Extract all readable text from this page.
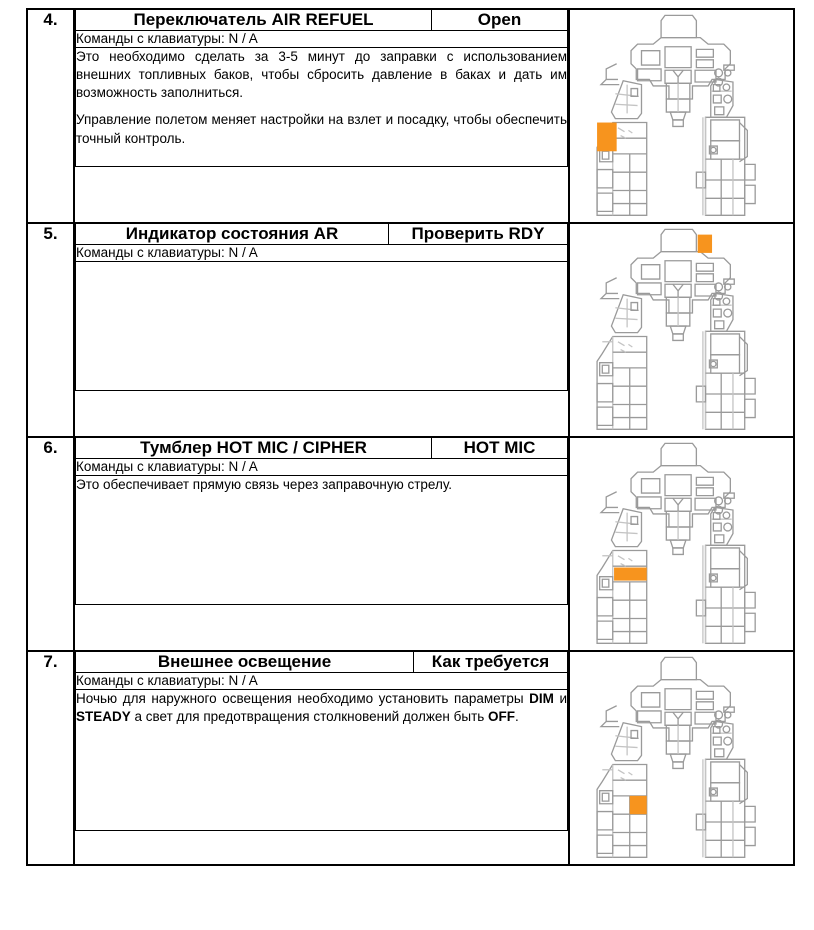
4.		Переключатель AIR REFUEL	Open
Команды с клавиатуры: N / A

Это необходимо сделать за 3-5 минут до заправки с использованием внешних топливных баков, чтобы сбросить давление в баках и дать им возможность заполниться.

Управление полетом меняет настройки на взлет и посадку, чтобы обеспечить точный контроль.

5.		Индикатор состояния AR	Проверить RDY
Команды с клавиатуры: N / A

6.		Тумблер HOT MIC / CIPHER	HOT MIC
Команды с клавиатуры: N / A

Это обеспечивает прямую связь через заправочную стрелу.

7.		Внешнее освещение	Как требуется
Команды с клавиатуры: N / A

Ночью для наружного освещения необходимо установить параметры DIM и STEADY а свет для предотвращения столкновений должен быть OFF.
